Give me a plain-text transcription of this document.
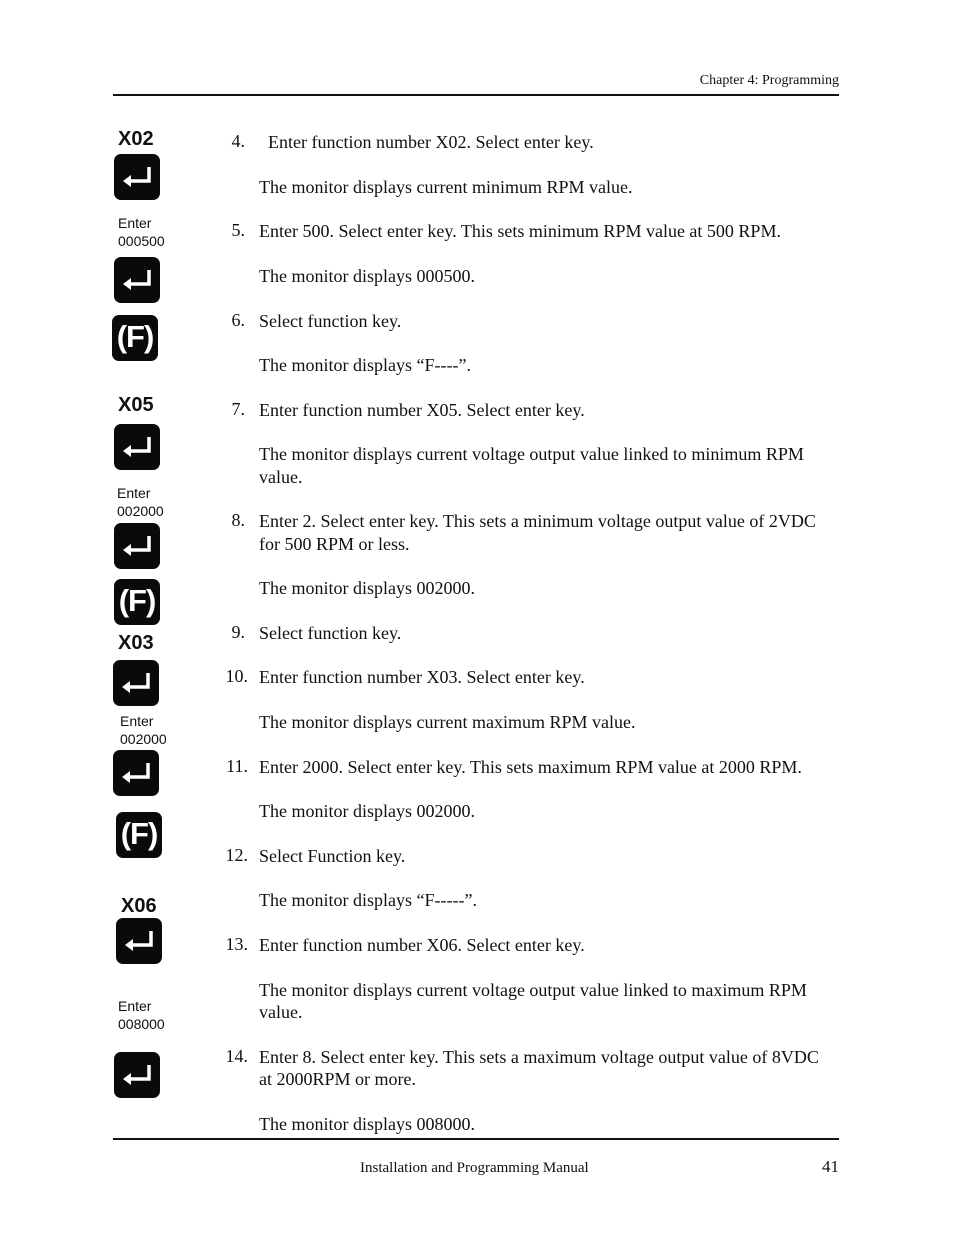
Chapter 4: Programming
X02
Enter
000500
(F)
X05
Enter
002000
(F)
X03
Enter
002000
(F)
X06
Enter
008000
4. Enter function number X02. Select enter key.
The monitor displays current minimum RPM value.
5. Enter 500. Select enter key. This sets minimum RPM value at 500 RPM.
The monitor displays 000500.
6. Select function key.
The monitor displays “F----”.
7. Enter function number X05. Select enter key.
The monitor displays current voltage output value linked to minimum RPM
value.
8. Enter 2. Select enter key. This sets a minimum voltage output value of 2VDC
for 500 RPM or less.
The monitor displays 002000.
9. Select function key.
10. Enter function number X03. Select enter key.
The monitor displays current maximum RPM value.
11. Enter 2000. Select enter key. This sets maximum RPM value at 2000 RPM.
The monitor displays 002000.
12. Select Function key.
The monitor displays “F-----”.
13. Enter function number X06. Select enter key.
The monitor displays current voltage output value linked to maximum RPM
value.
14. Enter 8. Select enter key. This sets a maximum voltage output value of 8VDC
at 2000RPM or more.
The monitor displays 008000.
Installation and Programming Manual	41
